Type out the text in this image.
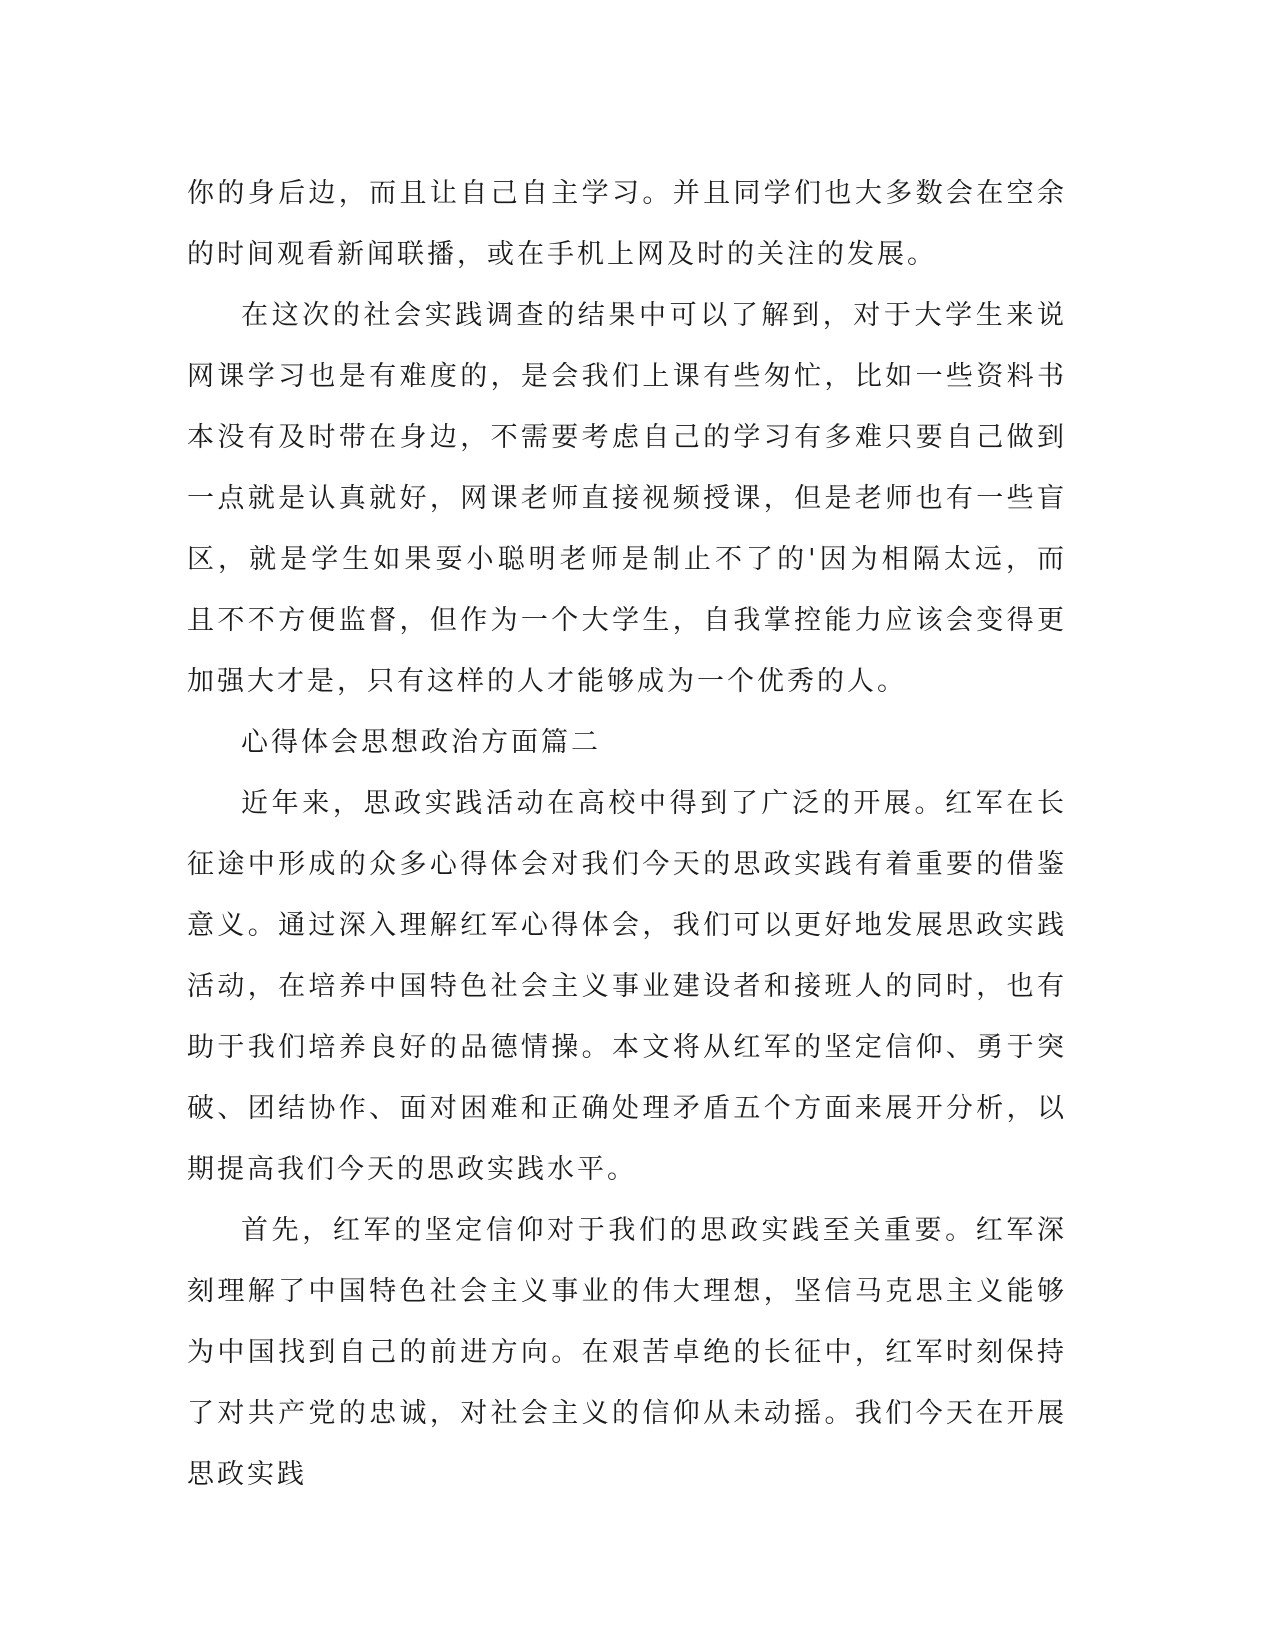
你的身后边，而且让自己自主学习。并且同学们也大多数会在空余的时间观看新闻联播，或在手机上网及时的关注的发展。

在这次的社会实践调查的结果中可以了解到，对于大学生来说网课学习也是有难度的，是会我们上课有些匆忙，比如一些资料书本没有及时带在身边，不需要考虑自己的学习有多难只要自己做到一点就是认真就好，网课老师直接视频授课，但是老师也有一些盲区，就是学生如果耍小聪明老师是制止不了的'因为相隔太远，而且不不方便监督，但作为一个大学生，自我掌控能力应该会变得更加强大才是，只有这样的人才能够成为一个优秀的人。

心得体会思想政治方面篇二

近年来，思政实践活动在高校中得到了广泛的开展。红军在长征途中形成的众多心得体会对我们今天的思政实践有着重要的借鉴意义。通过深入理解红军心得体会，我们可以更好地发展思政实践活动，在培养中国特色社会主义事业建设者和接班人的同时，也有助于我们培养良好的品德情操。本文将从红军的坚定信仰、勇于突破、团结协作、面对困难和正确处理矛盾五个方面来展开分析，以期提高我们今天的思政实践水平。

首先，红军的坚定信仰对于我们的思政实践至关重要。红军深刻理解了中国特色社会主义事业的伟大理想，坚信马克思主义能够为中国找到自己的前进方向。在艰苦卓绝的长征中，红军时刻保持了对共产党的忠诚，对社会主义的信仰从未动摇。我们今天在开展思政实践
